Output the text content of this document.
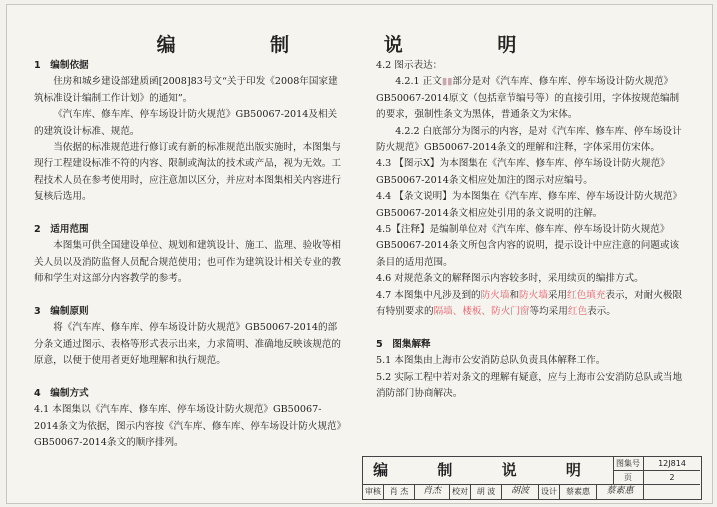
编 制 说 明

1　编制依据

住房和城乡建设部建质函[2008]83号文“关于印发《2008年国家建筑标准设计编制工作计划》的通知”。

《汽车库、修车库、停车场设计防火规范》GB50067-2014及相关的建筑设计标准、规范。

当依据的标准规范进行修订或有新的标准规范出版实施时，本图集与现行工程建设标准不符的内容、限制或淘汰的技术或产品，视为无效。工程技术人员在参考使用时，应注意加以区分，并应对本图集相关内容进行复核后选用。

2　适用范围

本图集可供全国建设单位、规划和建筑设计、施工、监理、验收等相关人员以及消防监督人员配合规范使用；也可作为建筑设计相关专业的教师和学生对这部分内容教学的参考。

3　编制原则

将《汽车库、修车库、停车场设计防火规范》GB50067-2014的部分条文通过图示、表格等形式表示出来，力求简明、准确地反映该规范的原意，以便于使用者更好地理解和执行规范。

4　编制方式

4.1 本图集以《汽车库、修车库、停车场设计防火规范》GB50067-2014条文为依据，图示内容按《汽车库、修车库、停车场设计防火规范》GB50067-2014条文的顺序排列。

4.2 图示表达：

4.2.1 正文▮▮部分是对《汽车库、修车库、停车场设计防火规范》GB50067-2014原文（包括章节编号等）的直接引用，字体按规范编制的要求，强制性条文为黑体，普通条文为宋体。

4.2.2 白底部分为图示的内容，是对《汽车库、修车库、停车场设计防火规范》GB50067-2014条文的理解和注释，字体采用仿宋体。

4.3 【图示X】为本图集在《汽车库、修车库、停车场设计防火规范》GB50067-2014条文相应处加注的图示对应编号。

4.4 【条文说明】为本图集在《汽车库、修车库、停车场设计防火规范》GB50067-2014条文相应处引用的条文说明的注解。

4.5【注释】是编制单位对《汽车库、修车库、停车场设计防火规范》GB50067-2014条文所包含内容的说明，提示设计中应注意的问题或该条目的适用范围。

4.6 对规范条文的解释图示内容较多时，采用续页的编排方式。

4.7 本图集中凡涉及到的防火墙和防火墙采用红色填充表示，对耐火极限有特别要求的隔墙、楼板、防火门窗等均采用红色表示。

5　图集解释

5.1 本图集由上海市公安消防总队负责具体解释工作。

5.2 实际工程中若对条文的理解有疑意，应与上海市公安消防总队或当地消防部门协商解决。

编 制 说 明	图集号	12J814
页	2
审核	肖 杰	肖杰	校对	胡 波	胡波	设计	蔡素惠	蔡素惠
